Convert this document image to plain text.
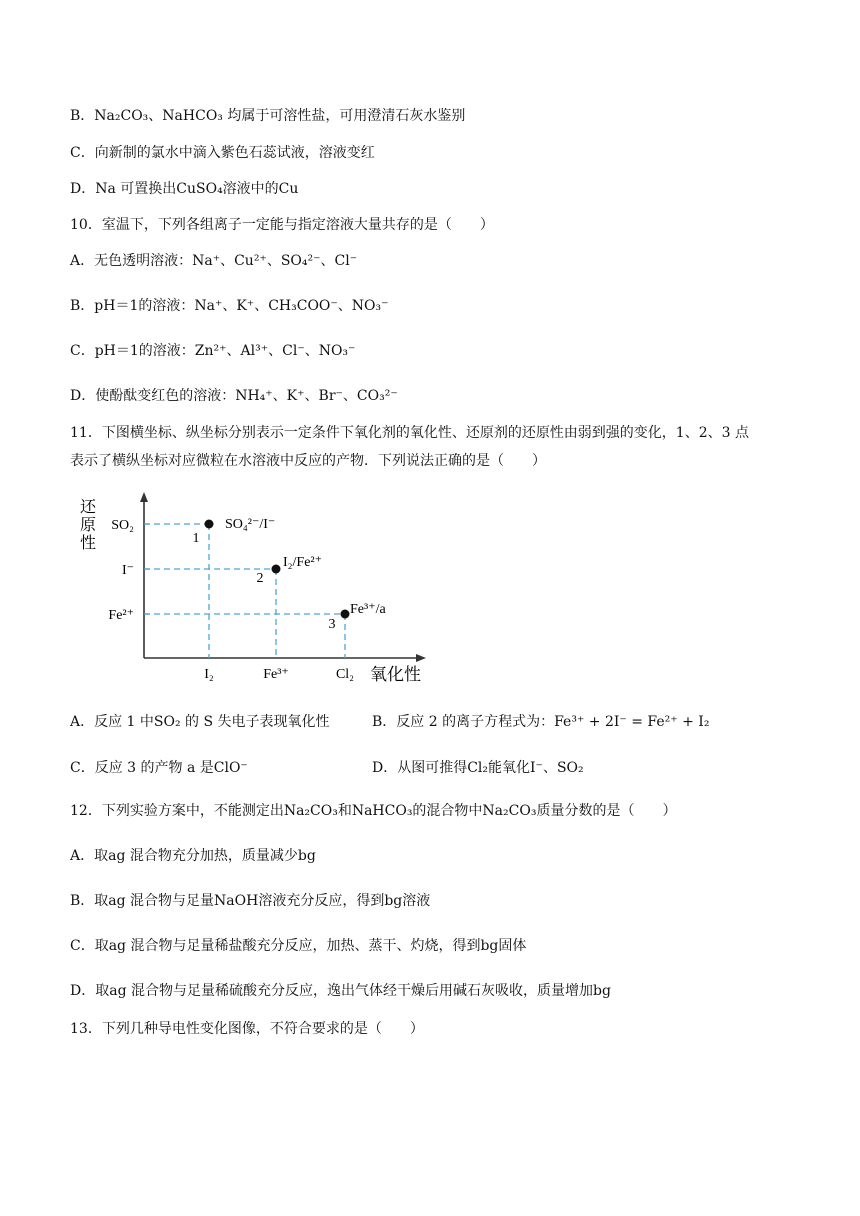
B．Na₂CO₃、NaHCO₃ 均属于可溶性盐，可用澄清石灰水鉴别
C．向新制的氯水中滴入紫色石蕊试液，溶液变红
D．Na 可置换出CuSO₄溶液中的Cu
10．室温下，下列各组离子一定能与指定溶液大量共存的是（　　）
A．无色透明溶液：Na⁺、Cu²⁺、SO₄²⁻、Cl⁻
B．pH＝1的溶液：Na⁺、K⁺、CH₃COO⁻、NO₃⁻
C．pH＝1的溶液：Zn²⁺、Al³⁺、Cl⁻、NO₃⁻
D．使酚酞变红色的溶液：NH₄⁺、K⁺、Br⁻、CO₃²⁻
11．下图横坐标、纵坐标分别表示一定条件下氧化剂的氧化性、还原剂的还原性由弱到强的变化，1、2、3 点
表示了横纵坐标对应微粒在水溶液中反应的产物．下列说法正确的是（　　）
还
原
性
SO₂
I⁻
Fe²⁺
I₂	Fe³⁺	Cl₂ 氧化性
1
2
3
SO₄²⁻/I⁻
I₂/Fe²⁺
Fe³⁺/a
A．反应 1 中SO₂ 的 S 失电子表现氧化性	B．反应 2 的离子方程式为：Fe³⁺ + 2I⁻ = Fe²⁺ + I₂
C．反应 3 的产物 a 是ClO⁻	D．从图可推得Cl₂能氧化I⁻、SO₂
12．下列实验方案中，不能测定出Na₂CO₃和NaHCO₃的混合物中Na₂CO₃质量分数的是（　　）
A．取ag 混合物充分加热，质量减少bg
B．取ag 混合物与足量NaOH溶液充分反应，得到bg溶液
C．取ag 混合物与足量稀盐酸充分反应，加热、蒸干、灼烧，得到bg固体
D．取ag 混合物与足量稀硫酸充分反应，逸出气体经干燥后用碱石灰吸收，质量增加bg
13．下列几种导电性变化图像，不符合要求的是（　　）
